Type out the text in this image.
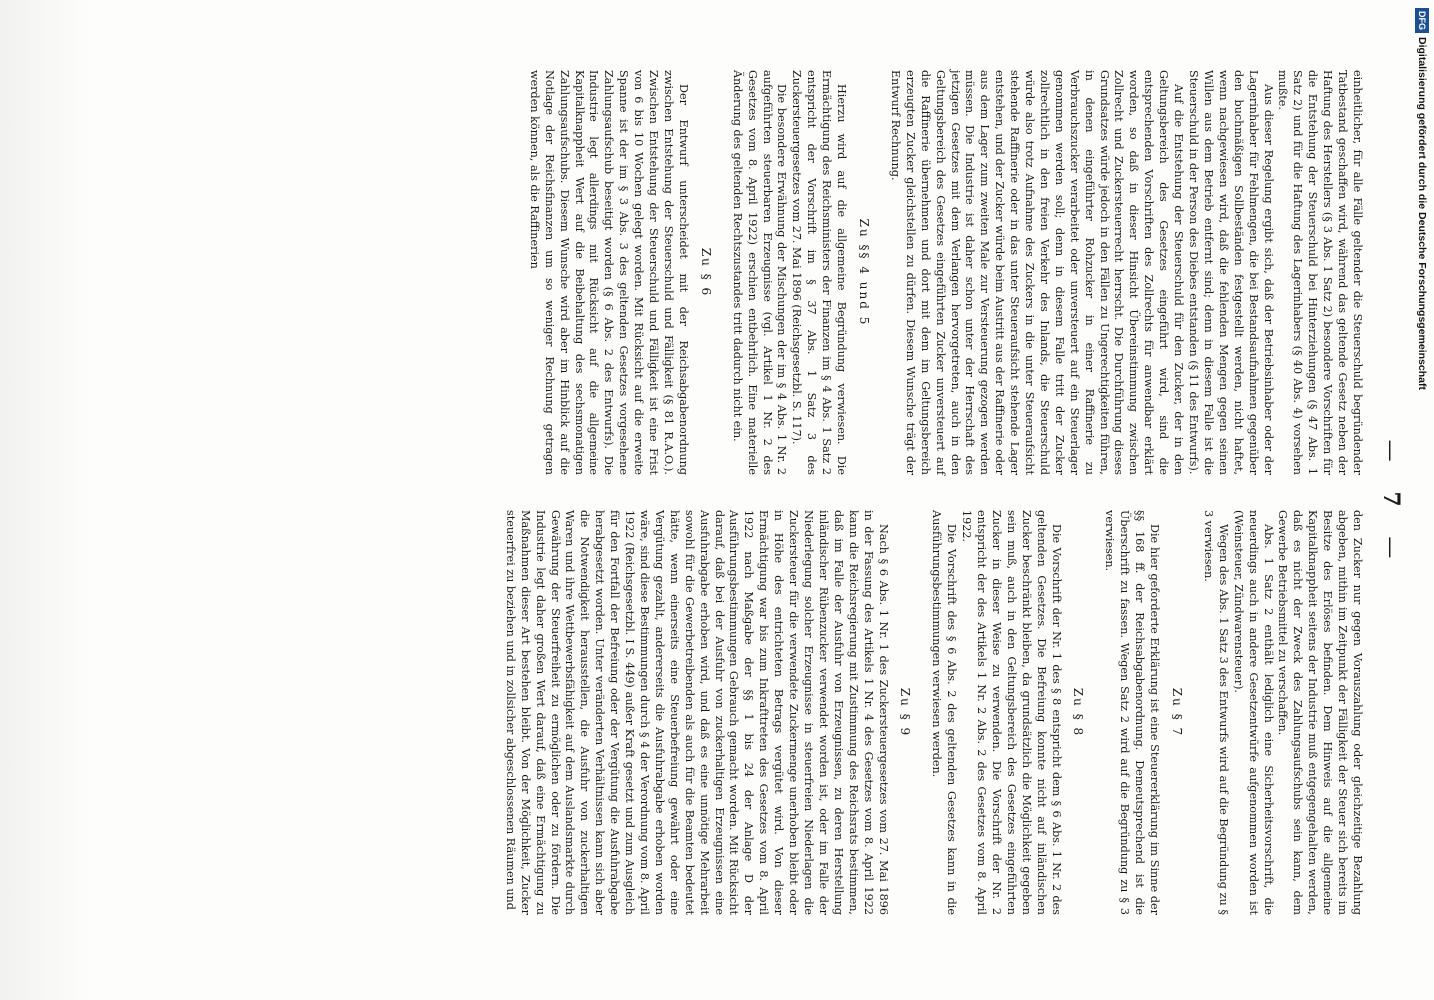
— 7 —

einheitlicher, für alle Fälle geltender die Steuerschuld begründender Tatbestand geschaffen wird, während das geltende Gesetz neben der Haftung des Herstellers (§ 3 Abs. 1 Satz 2) besondere Vorschriften für die Entstehung der Steuerschuld bei Hinterziehungen (§ 47 Abs. 1 Satz 2) und für die Haftung des Lagerinhabers (§ 40 Abs. 4) vorsehen mußte.

Aus dieser Regelung ergibt sich, daß der Betriebsinhaber oder der Lagerinhaber für Fehlmengen, die bei Bestandsaufnahmen gegenüber den buchmäßigen Sollbeständen festgestellt werden, nicht haftet, wenn nachgewiesen wird, daß die fehlenden Mengen gegen seinen Willen aus dem Betrieb entfernt sind; denn in diesem Falle ist die Steuerschuld in der Person des Diebes entstanden (§ 11 des Entwurfs).

Auf die Entstehung der Steuerschuld für den Zucker, der in den Geltungsbereich des Gesetzes eingeführt wird, sind die entsprechenden Vorschriften des Zollrechts für anwendbar erklärt worden, so daß in dieser Hinsicht Übereinstimmung zwischen Zollrecht und Zuckersteuerrecht herrscht. Die Durchführung dieses Grundsatzes würde jedoch in den Fällen zu Ungerechtigkeiten führen, in denen eingeführter Rohzucker in einer Raffinerie zu Verbrauchszucker verarbeitet oder unversteuert auf ein Steuerlager genommen werden soll; denn in diesem Falle tritt der Zucker zollrechtlich in den freien Verkehr des Inlands, die Steuerschuld würde also trotz Aufnahme des Zuckers in die unter Steueraufsicht stehende Raffinerie oder in das unter Steueraufsicht stehende Lager entstehen, und der Zucker würde beim Austritt aus der Raffinerie oder aus dem Lager zum zweiten Male zur Versteuerung gezogen werden müssen. Die Industrie ist daher schon unter der Herrschaft des jetzigen Gesetzes mit dem Verlangen hervorgetreten, auch in den Geltungsbereich des Gesetzes eingeführten Zucker unversteuert auf die Raffinerie übernehmen und dort mit dem im Geltungsbereich erzeugten Zucker gleichstellen zu dürfen. Diesem Wunsche trägt der Entwurf Rechnung.

Zu §§ 4 und 5

Hierzu wird auf die allgemeine Begründung verwiesen. Die Ermächtigung des Reichsministers der Finanzen im § 4 Abs. 1 Satz 2 entspricht der Vorschrift im § 37 Abs. 1 Satz 3 des Zuckersteuergesetzes vom 27. Mai 1896 (Reichsgesetzbl. S. 117).

Die besondere Erwähnung der Mischungen der im § 4 Abs. 1 Nr. 2 aufgeführten steuerbaren Erzeugnisse (vgl. Artikel 1 Nr. 2 des Gesetzes vom 8. April 1922) erschien entbehrlich. Eine materielle Änderung des geltenden Rechtszustandes tritt dadurch nicht ein.

Zu § 6

Der Entwurf unterscheidet mit der Reichsabgabenordnung zwischen Entstehung der Steuerschuld und Fälligkeit (§ 81 R.A.O.). Zwischen Entstehung der Steuerschuld und Fälligkeit ist eine Frist von 6 bis 10 Wochen gelegt worden. Mit Rücksicht auf die erweite Spanne ist der im § 3 Abs. 3 des geltenden Gesetzes vorgesehene Zahlungsaufschub beseitigt worden (§ 6 Abs. 2 des Entwurfs). Die Industrie legt allerdings mit Rücksicht auf die allgemeine Kapitalknappheit Wert auf die Beibehaltung des sechsmonatigen Zahlungsaufschubs. Diesem Wunsche wird aber im Hinblick auf die Notlage der Reichsfinanzen um so weniger Rechnung getragen werden können, als die Raffinerien

den Zucker nur gegen Vorauszahlung oder gleichzeitige Bezahlung abgeben, mithin im Zeitpunkt der Fälligkeit der Steuer sich bereits im Besitze des Erlöses befinden. Dem Hinweis auf die allgemeine Kapitalknappheit seitens der Industrie muß entgegengehalten werden, daß es nicht der Zweck des Zahlungsaufschubs sein kann, dem Gewerbe Betriebsmittel zu verschaffen.

Abs. 1 Satz 2 enthält lediglich eine Sicherheitsvorschrift, die neuerdings auch in andere Gesetzentwürfe aufgenommen worden ist (Weinsteuer, Zündwarensteuer).

Wegen des Abs. 1 Satz 3 des Entwurfs wird auf die Begründung zu § 3 verwiesen.

Zu § 7

Die hier geforderte Erklärung ist eine Steuererklärung im Sinne der §§ 168 ff. der Reichsabgabenordnung. Demeutsprechend ist die Überschrift zu fassen. Wegen Satz 2 wird auf die Begründung zu § 3 verwiesen.

Zu § 8

Die Vorschrift der Nr. 1 des § 8 entspricht dem § 6 Abs. 1 Nr. 2 des geltenden Gesetzes. Die Befreiung konnte nicht auf inländischen Zucker beschränkt bleiben, da grundsätzlich die Möglichkeit gegeben sein muß, auch in den Geltungsbereich des Gesetzes eingeführten Zucker in dieser Weise zu verwenden. Die Vorschrift der Nr. 2 entspricht der des Artikels 1 Nr. 2 Abs. 2 des Gesetzes vom 8. April 1922.

Die Vorschrift des § 6 Abs. 2 des geltenden Gesetzes kann in die Ausführungsbestimmungen verwiesen werden.

Zu § 9

Nach § 6 Abs. 1 Nr. 1 des Zuckersteuergesetzes vom 27. Mai 1896 in der Fassung des Artikels 1 Nr. 4 des Gesetzes vom 8. April 1922 kann die Reichsregierung mit Zustimmung des Reichsrats bestimmen, daß im Falle der Ausfuhr von Erzeugnissen, zu deren Herstellung inländischer Rübenzucker verwendet worden ist, oder im Falle der Niederlegung solcher Erzeugnisse in steuerfreien Niederlagen die Zuckersteuer für die verwendete Zuckermenge unerhoben bleibt oder in Höhe des entrichteten Betrags vergütet wird. Von dieser Ermächtigung war bis zum Inkrafttreten des Gesetzes vom 8. April 1922 nach Maßgabe der §§ 1 bis 24 der Anlage D der Ausführungsbestimmungen Gebrauch gemacht worden. Mit Rücksicht darauf, daß bei der Ausfuhr von zuckerhaltigen Erzeugnissen eine Ausfuhrabgabe erhoben wird, und daß es eine unnötige Mehrarbeit sowohl für die Gewerbetreibenden als auch für die Beamten bedeutet hätte, wenn einerseits eine Steuerbefreiung gewährt oder eine Vergütung gezahlt, andererseits die Ausfuhrabgabe erhoben worden wäre, sind diese Bestimmungen durch § 4 der Verordnung vom 8. April 1922 (Reichsgesetzbl. I S. 449) außer Kraft gesetzt und zum Ausgleich für den Fortfall der Befreiung oder der Vergütung die Ausfuhrabgabe herabgesetzt worden. Unter veränderten Verhältnissen kann sich aber die Notwendigkeit herausstellen, die Ausfuhr von zuckerhaltigen Waren und ihre Wettbewerbsfähigkeit auf dem Auslandsmarkte durch Gewährung der Steuerfreiheit zu ermöglichen oder zu fördern. Die Industrie legt daher großen Wert darauf, daß eine Ermächtigung zu Maßnahmen dieser Art bestehen bleibt. Von der Möglichkeit, Zucker steuerfrei zu beziehen und in zollsicher abgeschlossenen Räumen und

DFGDigitalisierung gefördert durch die Deutsche Forschungsgemeinschaft
